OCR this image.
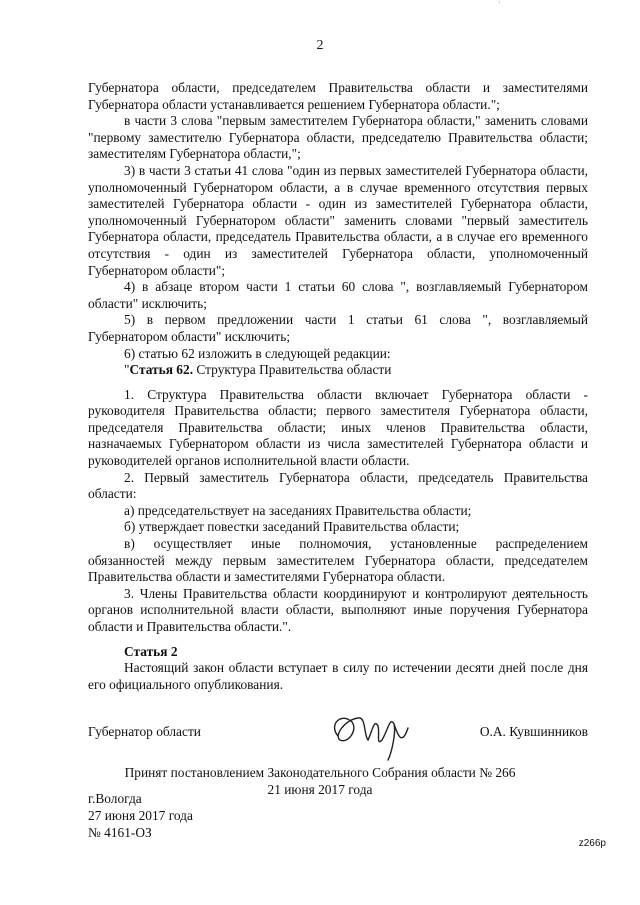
2

Губернатора области, председателем Правительства области и заместителями Губернатора области устанавливается решением Губернатора области.";

в части 3 слова "первым заместителем Губернатора области," заменить словами "первому заместителю Губернатора области, председателю Правительства области; заместителям Губернатора области,";

3) в части 3 статьи 41 слова "один из первых заместителей Губернатора области, уполномоченный Губернатором области, а в случае временного отсутствия первых заместителей Губернатора области - один из заместителей Губернатора области, уполномоченный Губернатором области" заменить словами "первый заместитель Губернатора области, председатель Правительства области, а в случае его временного отсутствия - один из заместителей Губернатора области, уполномоченный Губернатором области";

4) в абзаце втором части 1 статьи 60 слова ", возглавляемый Губернатором области" исключить;

5) в первом предложении части 1 статьи 61 слова ", возглавляемый Губернатором области" исключить;

6) статью 62 изложить в следующей редакции:

"Статья 62. Структура Правительства области

1. Структура Правительства области включает Губернатора области - руководителя Правительства области; первого заместителя Губернатора области, председателя Правительства области; иных членов Правительства области, назначаемых Губернатором области из числа заместителей Губернатора области и руководителей органов исполнительной власти области.

2. Первый заместитель Губернатора области, председатель Правительства области:

а) председательствует на заседаниях Правительства области;

б) утверждает повестки заседаний Правительства области;

в) осуществляет иные полномочия, установленные распределением обязанностей между первым заместителем Губернатора области, председателем Правительства области и заместителями Губернатора области.

3. Члены Правительства области координируют и контролируют деятельность органов исполнительной власти области, выполняют иные поручения Губернатора области и Правительства области.".

Статья 2

Настоящий закон области вступает в силу по истечении десяти дней после дня его официального опубликования.

Губернатор области	О.А. Кувшинников
Принят постановлением Законодательного Собрания области № 266
21 июня 2017 года
г.Вологда
27 июня 2017 года
№ 4161-ОЗ
z266p
'
